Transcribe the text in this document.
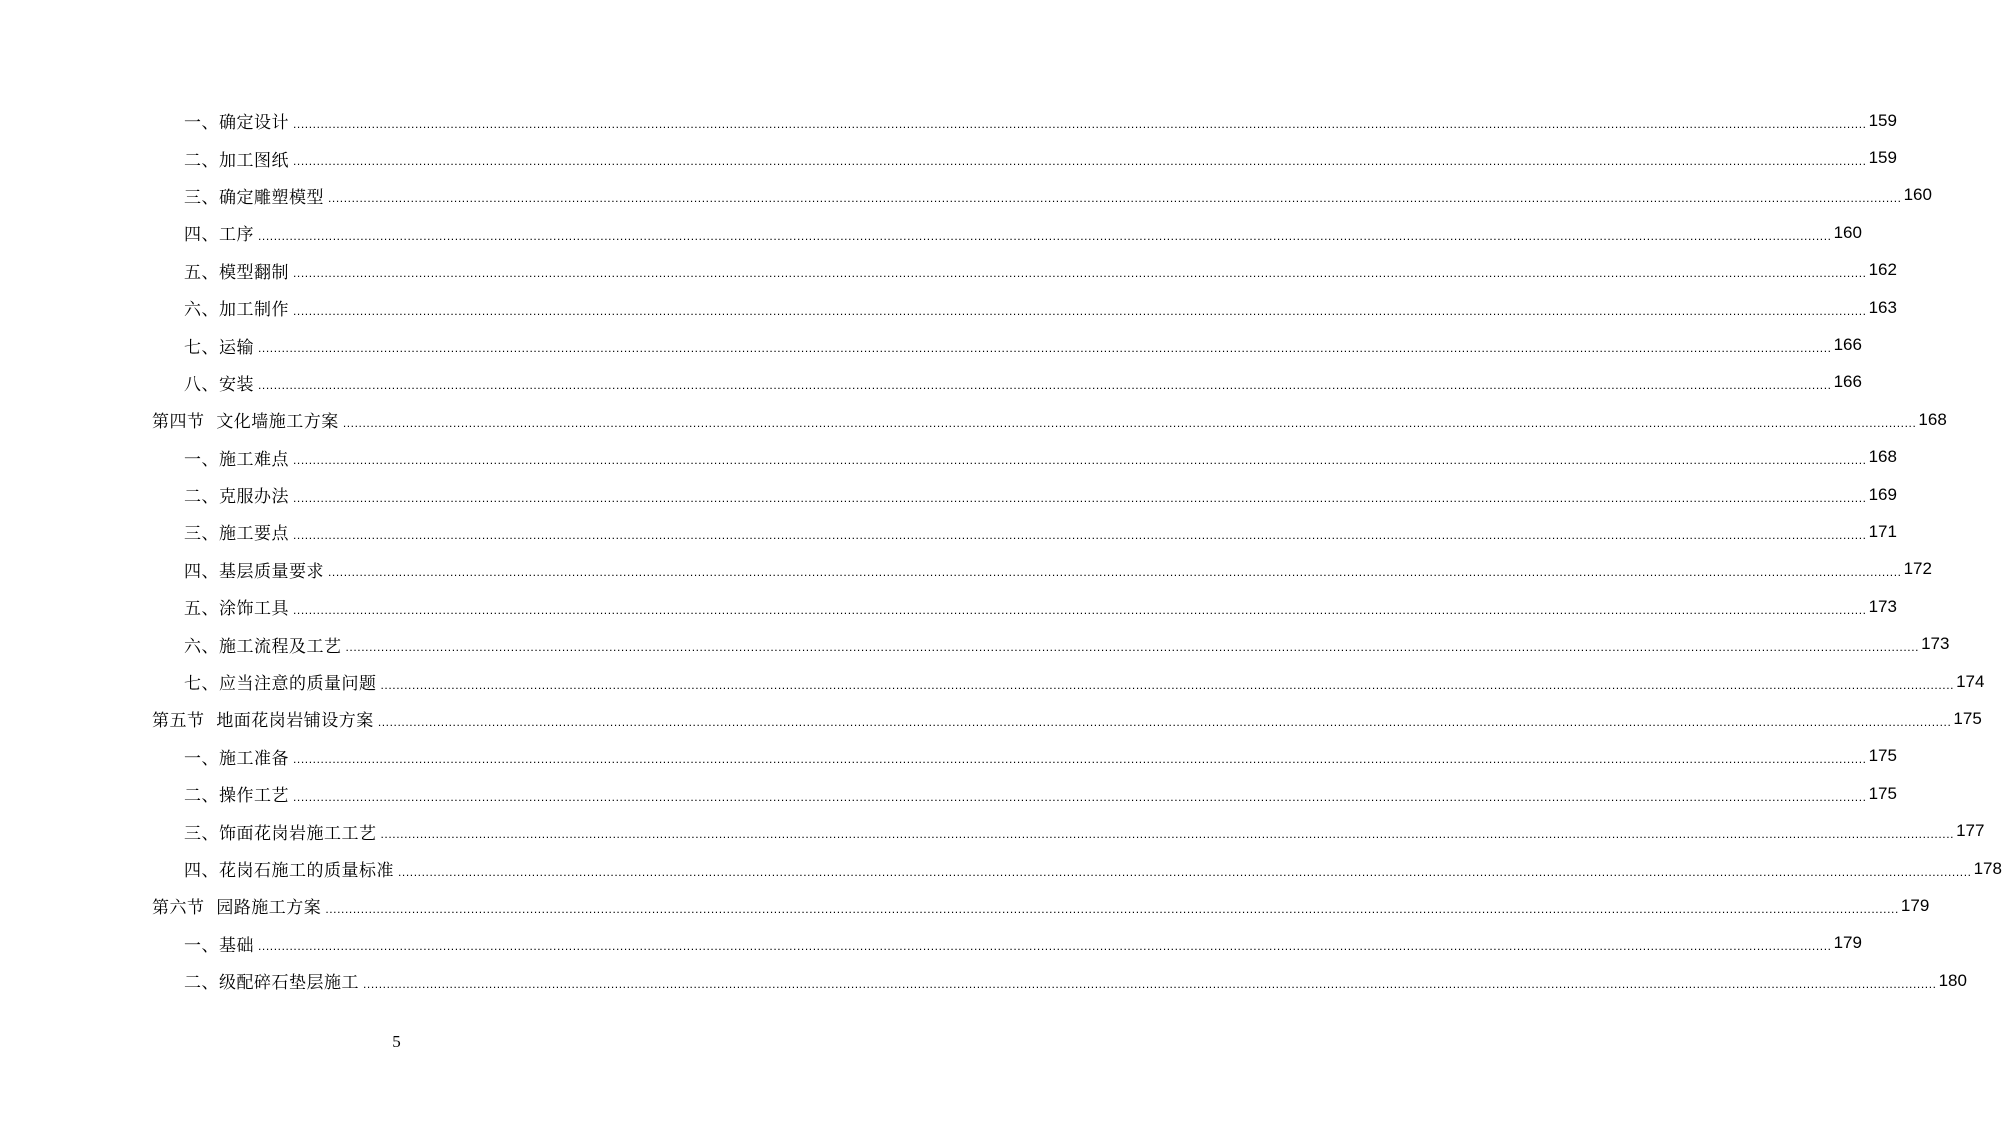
一、 确定设计 ................................................................................................................................................................................................................................................................................................................................................................................................................ 159
二、 加工图纸 ................................................................................................................................................................................................................................................................................................................................................................................................................ 159
三、 确定雕塑模型 ................................................................................................................................................................................................................................................................................................................................................................................................................ 160
四、 工序 ................................................................................................................................................................................................................................................................................................................................................................................................................ 160
五、 模型翻制 ................................................................................................................................................................................................................................................................................................................................................................................................................ 162
六、 加工制作 ................................................................................................................................................................................................................................................................................................................................................................................................................ 163
七、 运输 ................................................................................................................................................................................................................................................................................................................................................................................................................ 166
八、 安装 ................................................................................................................................................................................................................................................................................................................................................................................................................ 166
第四节 文化墙施工方案 ................................................................................................................................................................................................................................................................................................................................................................................................................ 168
一、 施工难点 ................................................................................................................................................................................................................................................................................................................................................................................................................ 168
二、 克服办法 ................................................................................................................................................................................................................................................................................................................................................................................................................ 169
三、 施工要点 ................................................................................................................................................................................................................................................................................................................................................................................................................ 171
四、 基层质量要求 ................................................................................................................................................................................................................................................................................................................................................................................................................ 172
五、 涂饰工具 ................................................................................................................................................................................................................................................................................................................................................................................................................ 173
六、 施工流程及工艺 ................................................................................................................................................................................................................................................................................................................................................................................................................ 173
七、 应当注意的质量问题 ................................................................................................................................................................................................................................................................................................................................................................................................................ 174
第五节 地面花岗岩铺设方案 ................................................................................................................................................................................................................................................................................................................................................................................................................ 175
一、 施工准备 ................................................................................................................................................................................................................................................................................................................................................................................................................ 175
二、 操作工艺 ................................................................................................................................................................................................................................................................................................................................................................................................................ 175
三、 饰面花岗岩施工工艺 ................................................................................................................................................................................................................................................................................................................................................................................................................ 177
四、 花岗石施工的质量标准 ................................................................................................................................................................................................................................................................................................................................................................................................................ 178
第六节 园路施工方案 ................................................................................................................................................................................................................................................................................................................................................................................................................ 179
一、 基础 ................................................................................................................................................................................................................................................................................................................................................................................................................ 179
二、 级配碎石垫层施工 ................................................................................................................................................................................................................................................................................................................................................................................................................ 180
5
